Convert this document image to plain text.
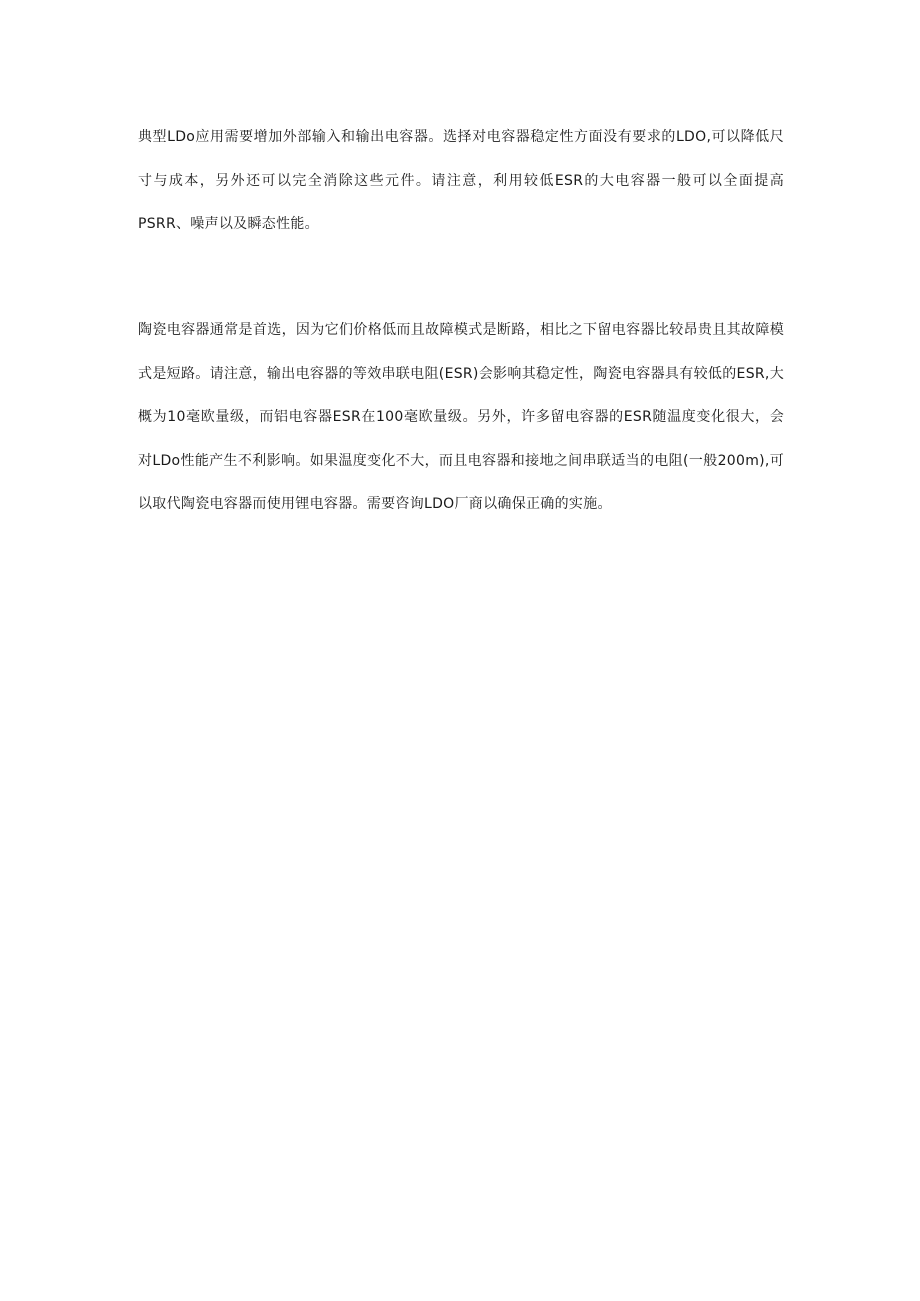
典型LDo应用需要增加外部输入和输出电容器。选择对电容器稳定性方面没有要求的LDO,可以降低尺寸与成本，另外还可以完全消除这些元件。请注意，利用较低ESR的大电容器一般可以全面提高PSRR、噪声以及瞬态性能。

陶瓷电容器通常是首选，因为它们价格低而且故障模式是断路，相比之下留电容器比较昂贵且其故障模式是短路。请注意，输出电容器的等效串联电阻(ESR)会影响其稳定性，陶瓷电容器具有较低的ESR,大概为10毫欧量级，而铝电容器ESR在100毫欧量级。另外，许多留电容器的ESR随温度变化很大，会对LDo性能产生不利影响。如果温度变化不大，而且电容器和接地之间串联适当的电阻(一般200m),可以取代陶瓷电容器而使用锂电容器。需要咨询LDO厂商以确保正确的实施。
